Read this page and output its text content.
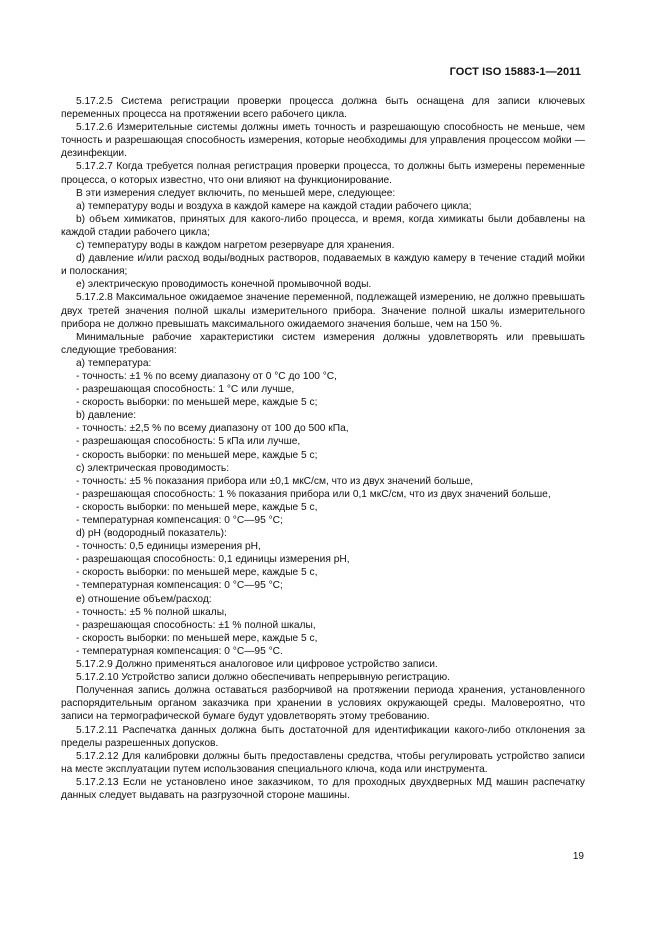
ГОСТ ISO 15883-1—2011

5.17.2.5 Система регистрации проверки процесса должна быть оснащена для записи ключевых переменных процесса на протяжении всего рабочего цикла.

5.17.2.6 Измерительные системы должны иметь точность и разрешающую способность не меньше, чем точность и разрешающая способность измерения, которые необходимы для управления процессом мойки — дезинфекции.

5.17.2.7 Когда требуется полная регистрация проверки процесса, то должны быть измерены переменные процесса, о которых известно, что они влияют на функционирование.

В эти измерения следует включить, по меньшей мере, следующее:

a) температуру воды и воздуха в каждой камере на каждой стадии рабочего цикла;

b) объем химикатов, принятых для какого-либо процесса, и время, когда химикаты были добавлены на каждой стадии рабочего цикла;

c) температуру воды в каждом нагретом резервуаре для хранения.

d) давление и/или расход воды/водных растворов, подаваемых в каждую камеру в течение стадий мойки и полоскания;

e) электрическую проводимость конечной промывочной воды.

5.17.2.8 Максимальное ожидаемое значение переменной, подлежащей измерению, не должно превышать двух третей значения полной шкалы измерительного прибора. Значение полной шкалы измерительного прибора не должно превышать максимального ожидаемого значения больше, чем на 150 %.

Минимальные рабочие характеристики систем измерения должны удовлетворять или превышать следующие требования:

a) температура:

- точность: ±1 % по всему диапазону от 0 °C до 100 °C,

- разрешающая способность: 1 °C или лучше,

- скорость выборки: по меньшей мере, каждые 5 с;

b) давление:

- точность: ±2,5 % по всему диапазону от 100 до 500 кПа,

- разрешающая способность: 5 кПа или лучше,

- скорость выборки: по меньшей мере, каждые 5 с;

c) электрическая проводимость:

- точность: ±5 % показания прибора или ±0,1 мкС/см, что из двух значений больше,

- разрешающая способность: 1 % показания прибора или 0,1 мкС/см, что из двух значений больше,

- скорость выборки: по меньшей мере, каждые 5 с,

- температурная компенсация: 0 °C—95 °C;

d) pH (водородный показатель):

- точность: 0,5 единицы измерения pH,

- разрешающая способность: 0,1 единицы измерения pH,

- скорость выборки: по меньшей мере, каждые 5 с,

- температурная компенсация: 0 °C—95 °C;

e) отношение объем/расход:

- точность: ±5 % полной шкалы,

- разрешающая способность: ±1 % полной шкалы,

- скорость выборки: по меньшей мере, каждые 5 с,

- температурная компенсация: 0 °C—95 °C.

5.17.2.9 Должно применяться аналоговое или цифровое устройство записи.

5.17.2.10 Устройство записи должно обеспечивать непрерывную регистрацию.

Полученная запись должна оставаться разборчивой на протяжении периода хранения, установленного распорядительным органом заказчика при хранении в условиях окружающей среды. Маловероятно, что записи на термографической бумаге будут удовлетворять этому требованию.

5.17.2.11 Распечатка данных должна быть достаточной для идентификации какого-либо отклонения за пределы разрешенных допусков.

5.17.2.12 Для калибровки должны быть предоставлены средства, чтобы регулировать устройство записи на месте эксплуатации путем использования специального ключа, кода или инструмента.

5.17.2.13 Если не установлено иное заказчиком, то для проходных двухдверных МД машин распечатку данных следует выдавать на разгрузочной стороне машины.

19
